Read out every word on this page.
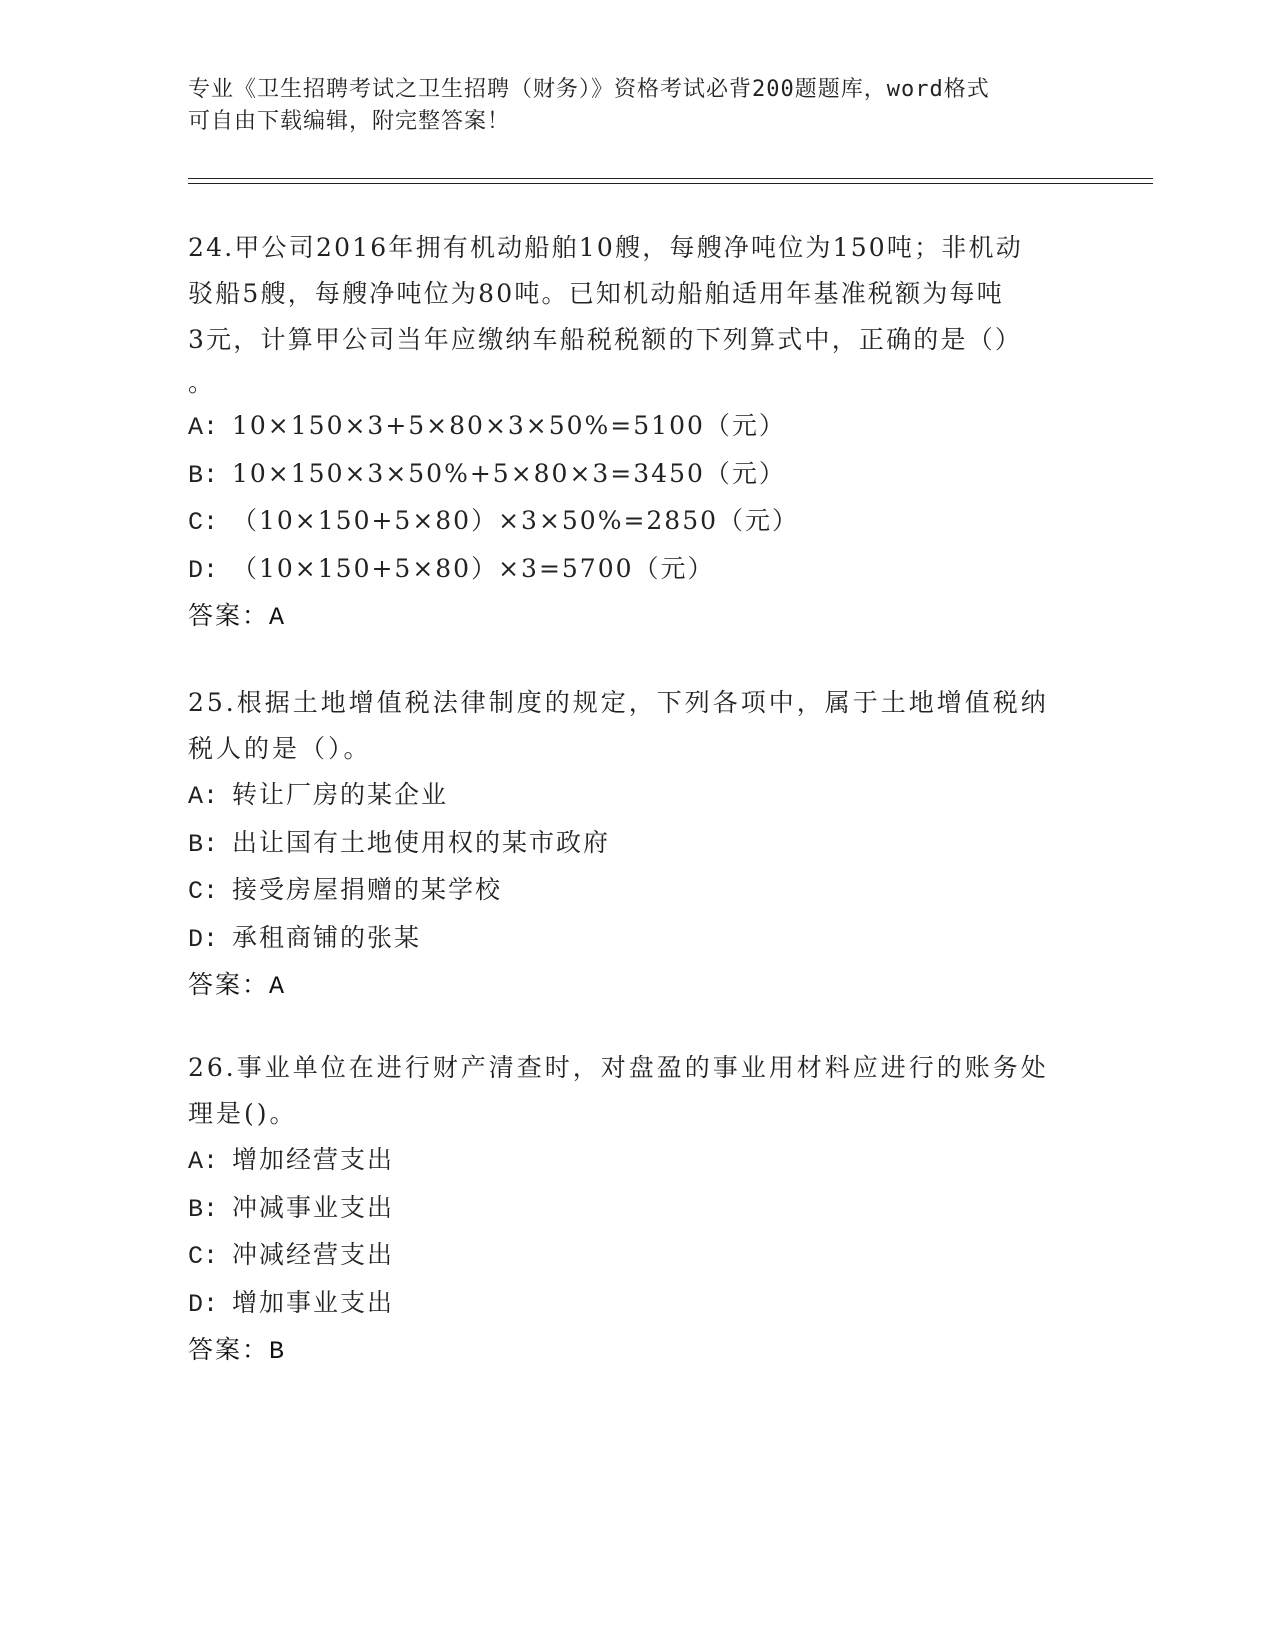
专业《卫生招聘考试之卫生招聘（财务）》资格考试必背200题题库，word格式
可自由下载编辑，附完整答案！
24.甲公司2016年拥有机动船舶10艘，每艘净吨位为150吨；非机动
驳船5艘，每艘净吨位为80吨。已知机动船舶适用年基准税额为每吨
3元，计算甲公司当年应缴纳车船税税额的下列算式中，正确的是（）
。
A: 10×150×3+5×80×3×50%=5100（元）
B: 10×150×3×50%+5×80×3=3450（元）
C: （10×150+5×80）×3×50%=2850（元）
D: （10×150+5×80）×3=5700（元）
答案：A
25.根据土地增值税法律制度的规定，下列各项中，属于土地增值税纳
税人的是（）。
A: 转让厂房的某企业
B: 出让国有土地使用权的某市政府
C: 接受房屋捐赠的某学校
D: 承租商铺的张某
答案：A
26.事业单位在进行财产清查时，对盘盈的事业用材料应进行的账务处
理是()。
A: 增加经营支出
B: 冲减事业支出
C: 冲减经营支出
D: 增加事业支出
答案：B
